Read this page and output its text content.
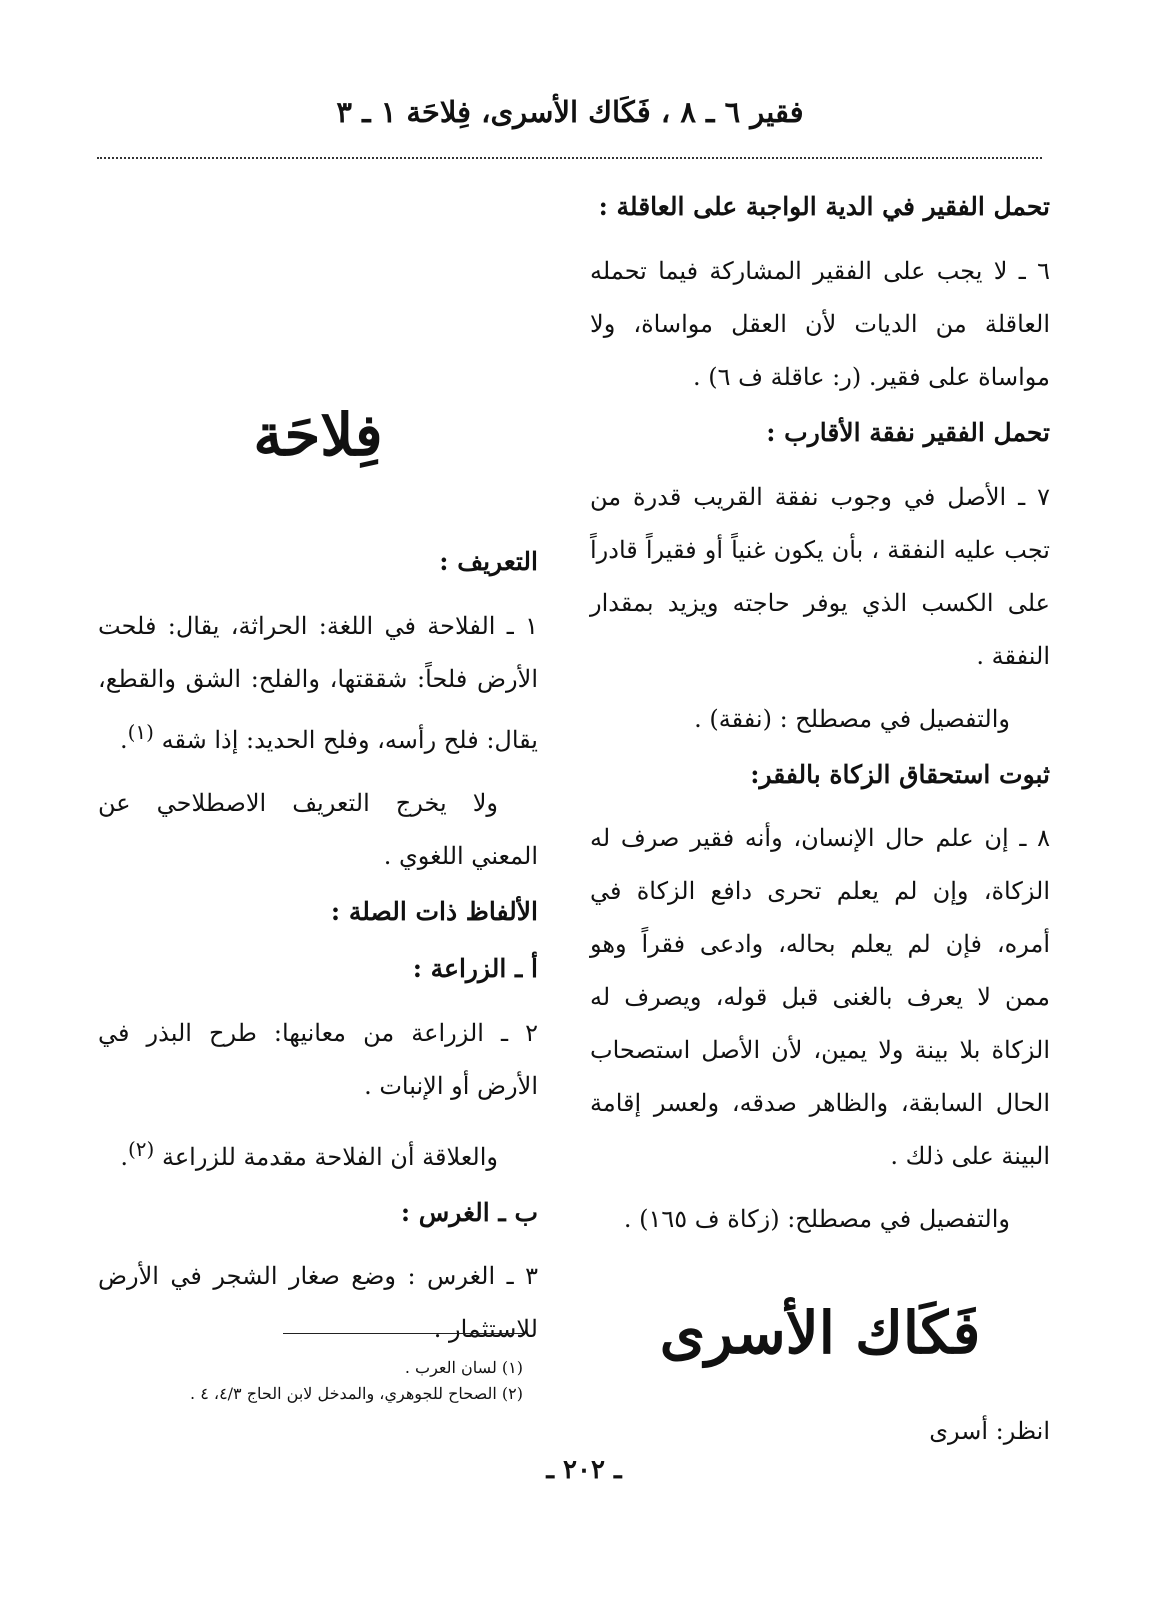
فقير ٦ ـ ٨ ، فَكَاك الأسرى، فِلاحَة ١ ـ ٣
تحمل الفقير في الدية الواجبة على العاقلة :

٦ ـ لا يجب على الفقير المشاركة فيما تحمله العاقلة من الديات لأن العقل مواساة، ولا مواساة على فقير. (ر: عاقلة ف ٦) .

تحمل الفقير نفقة الأقارب :

٧ ـ الأصل في وجوب نفقة القريب قدرة من تجب عليه النفقة ، بأن يكون غنياً أو فقيراً قادراً على الكسب الذي يوفر حاجته ويزيد بمقدار النفقة .

والتفصيل في مصطلح : (نفقة) .

ثبوت استحقاق الزكاة بالفقر:

٨ ـ إن علم حال الإنسان، وأنه فقير صرف له الزكاة، وإن لم يعلم تحرى دافع الزكاة في أمره، فإن لم يعلم بحاله، وادعى فقراً وهو ممن لا يعرف بالغنى قبل قوله، ويصرف له الزكاة بلا بينة ولا يمين، لأن الأصل استصحاب الحال السابقة، والظاهر صدقه، ولعسر إقامة البينة على ذلك .

والتفصيل في مصطلح: (زكاة ف ١٦٥) .

فَكَاك الأسرى
انظر: أسرى
فِلاحَة
التعريف :

١ ـ الفلاحة في اللغة: الحراثة، يقال: فلحت الأرض فلحاً: شققتها، والفلح: الشق والقطع، يقال: فلح رأسه، وفلح الحديد: إذا شقه $^{(١)}$.

ولا يخرج التعريف الاصطلاحي عن المعني اللغوي .

الألفاظ ذات الصلة :
أ ـ الزراعة :

٢ ـ الزراعة من معانيها: طرح البذر في الأرض أو الإنبات .

والعلاقة أن الفلاحة مقدمة للزراعة $^{(٢)}$.

ب ـ الغرس :

٣ ـ الغرس : وضع صغار الشجر في الأرض للاستثمار .

(١) لسان العرب .
(٢) الصحاح للجوهري، والمدخل لابن الحاج ٤/٣، ٤ .
ـ ٢٠٢ ـ
